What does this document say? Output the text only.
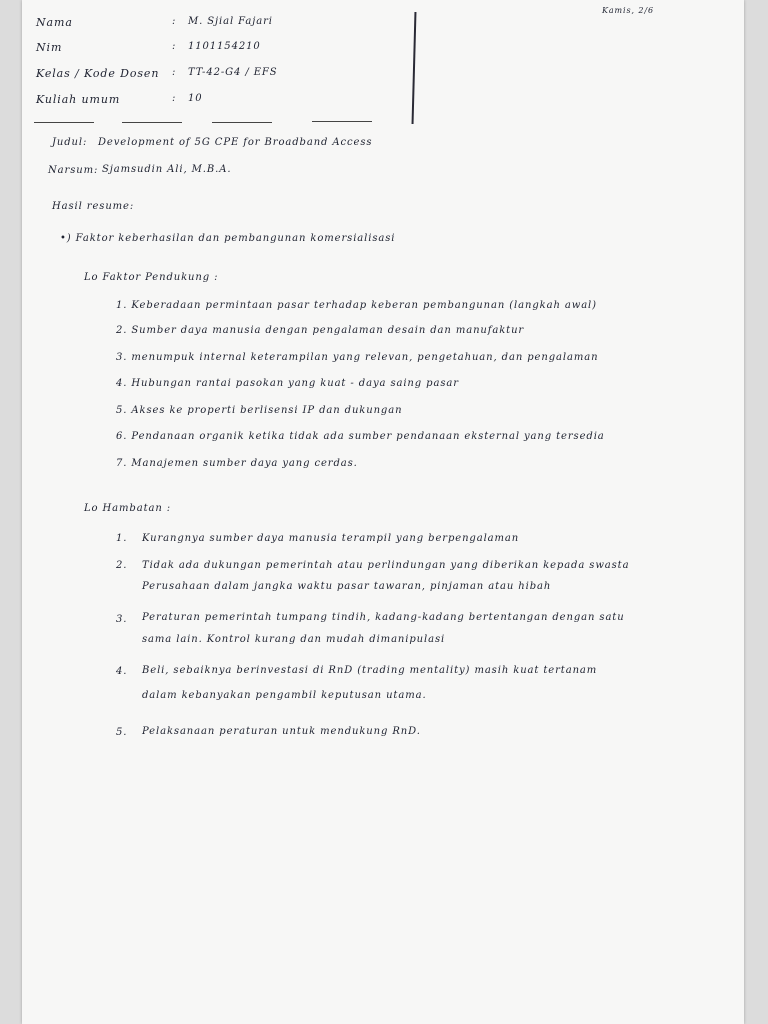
Kamis, 2/​6
Nama	: M. Sjial Fajari
Nim	: 1101154210
Kelas / Kode Dosen : TT-42-G4 / EFS
Kuliah umum	: 10
Judul: Development of 5G CPE for Broadband Access
Narsum: Sjamsudin Ali, M.B.A.
Hasil resume:
•) Faktor keberhasilan dan pembangunan komersialisasi
Lo Faktor Pendukung :
1. Keberadaan permintaan pasar terhadap keberan pembangunan (langkah awal)
2. Sumber daya manusia dengan pengalaman desain dan manufaktur
3. menumpuk internal keterampilan yang relevan, pengetahuan, dan pengalaman
4. Hubungan rantai pasokan yang kuat - daya saing pasar
5. Akses ke properti berlisensi IP dan dukungan
6. Pendanaan organik ketika tidak ada sumber pendanaan eksternal yang tersedia
7. Manajemen sumber daya yang cerdas.
Lo Hambatan :
1. Kurangnya sumber daya manusia terampil yang berpengalaman
2. Tidak ada dukungan pemerintah atau perlindungan yang diberikan kepada swasta
Perusahaan dalam jangka waktu pasar tawaran, pinjaman atau hibah
3. Peraturan pemerintah tumpang tindih, kadang-kadang bertentangan dengan satu
sama lain. Kontrol kurang dan mudah dimanipulasi
4. Beli, sebaiknya berinvestasi di RnD (trading mentality) masih kuat tertanam
dalam kebanyakan pengambil keputusan utama.
5. Pelaksanaan peraturan untuk mendukung RnD.
